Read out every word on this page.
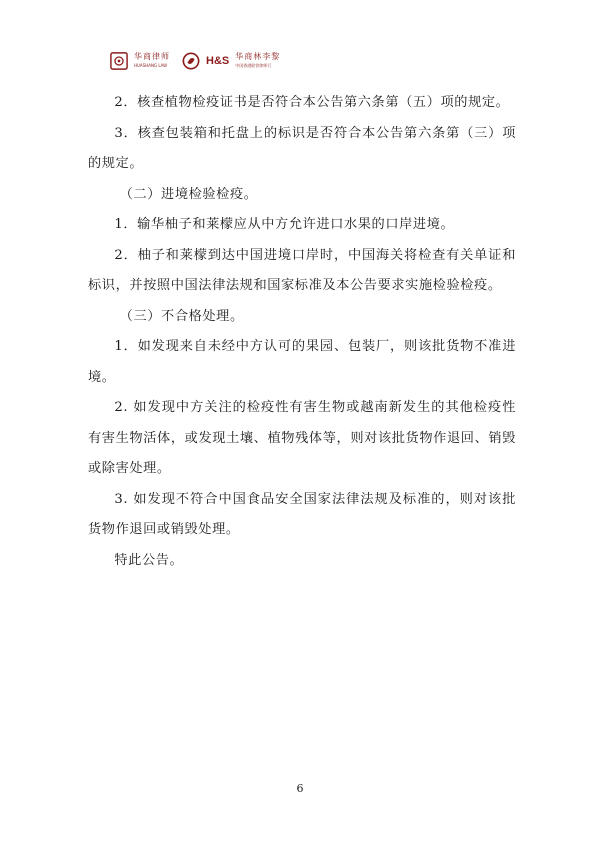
华商律师
HUASHANG LAW	H&S 华商林李黎
中国香港联营律师行

2．核查植物检疫证书是否符合本公告第六条第（五）项的规定。

3．核查包装箱和托盘上的标识是否符合本公告第六条第（三）项的规定。

（二）进境检验检疫。

1．输华柚子和莱檬应从中方允许进口水果的口岸进境。

2．柚子和莱檬到达中国进境口岸时，中国海关将检查有关单证和标识，并按照中国法律法规和国家标准及本公告要求实施检验检疫。

（三）不合格处理。

1．如发现来自未经中方认可的果园、包装厂，则该批货物不准进境。

2. 如发现中方关注的检疫性有害生物或越南新发生的其他检疫性有害生物活体，或发现土壤、植物残体等，则对该批货物作退回、销毁或除害处理。

3. 如发现不符合中国食品安全国家法律法规及标准的，则对该批货物作退回或销毁处理。

特此公告。

6
